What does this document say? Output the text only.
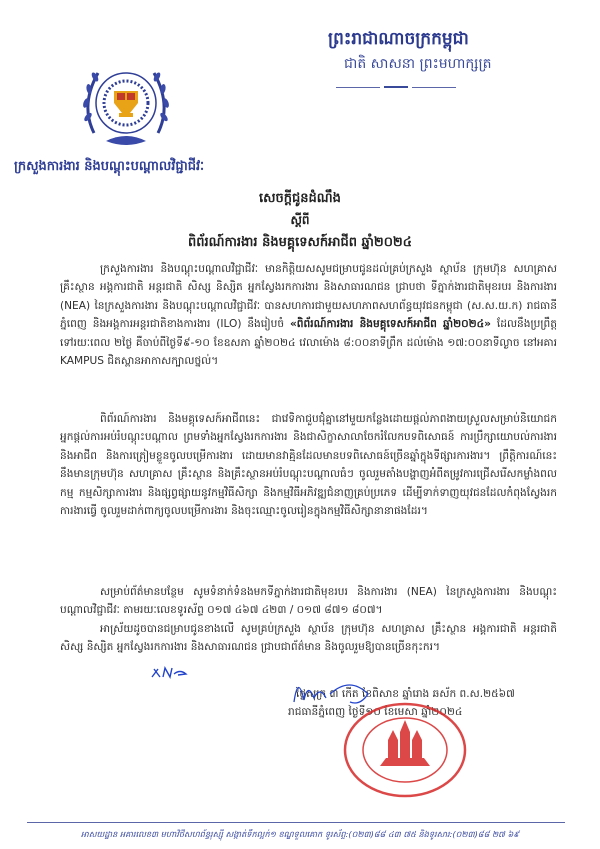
ព្រះរាជាណាចក្រកម្ពុជា
ជាតិ សាសនា ព្រះមហាក្សត្រ
ក្រសួងការងារ និងបណ្តុះបណ្តាលវិជ្ជាជីវៈ
សេចក្តីជូនដំណឹង
ស្តីពី
ពិព័រណ៍ការងារ និងមគ្គុទេសក៍អាជីព ឆ្នាំ២០២៤
ក្រសួងការងារ និងបណ្តុះបណ្តាលវិជ្ជាជីវៈ មានកិត្តិយសសូមជម្រាបជូនដល់គ្រប់ក្រសួង ស្ថាប័ន ក្រុមហ៊ុន សហគ្រាស គ្រឹះស្ថាន អង្គការជាតិ អន្តរជាតិ សិស្ស និស្សិត អ្នកស្វែងរកការងារ និងសាធារណជន ជ្រាបថា ទីភ្នាក់ងារជាតិមុខរបរ និងការងារ (NEA) នៃក្រសួងការងារ និងបណ្តុះបណ្តាលវិជ្ជាជីវៈ បានសហការជាមួយសហភាពសហព័ន្ធយុវជនកម្ពុជា (ស.ស.យ.ក) រាជធានីភ្នំពេញ និងអង្គការអន្តរជាតិខាងការងារ (ILO) នឹងរៀបចំ «ពិព័រណ៍ការងារ និងមគ្គុទេសក៍អាជីព ឆ្នាំ២០២៤» ដែលនឹងប្រព្រឹត្តទៅរយៈពេល ២ថ្ងៃ គឺចាប់ពីថ្ងៃទី៩-១០ ខែឧសភា ឆ្នាំ២០២៤ វេលាម៉ោង ៨:០០នាទីព្រឹក ដល់ម៉ោង ១៧:០០នាទីល្ងាច នៅអគារ KAMPUS ជិតស្ពានអាកាសក្បាលថ្នល់។
ពិព័រណ៍ការងារ និងមគ្គុទេសក៍អាជីពនេះ ជាវេទិកាជួបជុំគ្នានៅមួយកន្លែងដោយផ្តល់ភាពងាយស្រួលសម្រាប់និយោជក អ្នកផ្តល់ការអប់រំបណ្តុះបណ្តាល ព្រមទាំងអ្នកស្វែងរកការងារ និងជាសិក្ខាសាលាចែករំលែកបទពិសោធន៍ ការប្រឹក្សាយោបល់ការងារនិងអាជីព និងការត្រៀមខ្លួនចូលបម្រើការងារ ដោយមានវាគ្មិនដែលមានបទពិសោធន៍ច្រើនឆ្នាំក្នុងទីផ្សារការងារ។ ព្រឹត្តិការណ៍នេះ នឹងមានក្រុមហ៊ុន សហគ្រាស គ្រឹះស្ថាន និងគ្រឹះស្ថានអប់រំបណ្តុះបណ្តាលធំៗ ចូលរួមតាំងបង្ហាញអំពីតម្រូវការជ្រើសរើសកម្លាំងពលកម្ម កម្មសិក្សាការងារ និងផ្សព្វផ្សាយនូវកម្មវិធីសិក្សា និងកម្មវិធីអភិវឌ្ឍជំនាញគ្រប់ប្រភេទ ដើម្បីទាក់ទាញយុវជនដែលកំពុងស្វែងរកការងារធ្វើ ចូលរួមដាក់ពាក្យចូលបម្រើការងារ និងចុះឈ្មោះចូលរៀនក្នុងកម្មវិធីសិក្សានានាផងដែរ។
សម្រាប់ព័ត៌មានបន្ថែម សូមទំនាក់ទំនងមកទីភ្នាក់ងារជាតិមុខរបរ និងការងារ (NEA) នៃក្រសួងការងារ និងបណ្តុះបណ្តាលវិជ្ជាជីវៈ តាមរយៈលេខទូរស័ព្ទ ០១៧ ៤៦៧ ៤២៣ / ០១៧ ៨៧១ ៨០៧។
អាស្រ័យដូចបានជម្រាបជូនខាងលើ សូមគ្រប់ក្រសួង ស្ថាប័ន ក្រុមហ៊ុន សហគ្រាស គ្រឹះស្ថាន អង្គការជាតិ អន្តរជាតិ សិស្ស និស្សិត អ្នកស្វែងរកការងារ និងសាធារណជន ជ្រាបជាព័ត៌មាន និងចូលរួមឱ្យបានច្រើនកុះករ។
ថ្ងៃសុក្រ ៣ កើត ខែពិសាខ ឆ្នាំរោង ឆស័ក ព.ស.២៥៦៧
រាជធានីភ្នំពេញ ថ្ងៃទី១០ ខែមេសា ឆ្នាំ២០២៤
អាសយដ្ឋាន អគារលេខ៣ មហាវិថីសហព័ន្ធរុស្ស៊ី សង្កាត់ទឹកល្អក់១ ខណ្ឌទួលគោក ទូរស័ព្ទ:(០២៣)៨៨ ៤៣ ៧៥ និងទូរសារ:(០២៣)៨៨ ២៧ ៦៩
